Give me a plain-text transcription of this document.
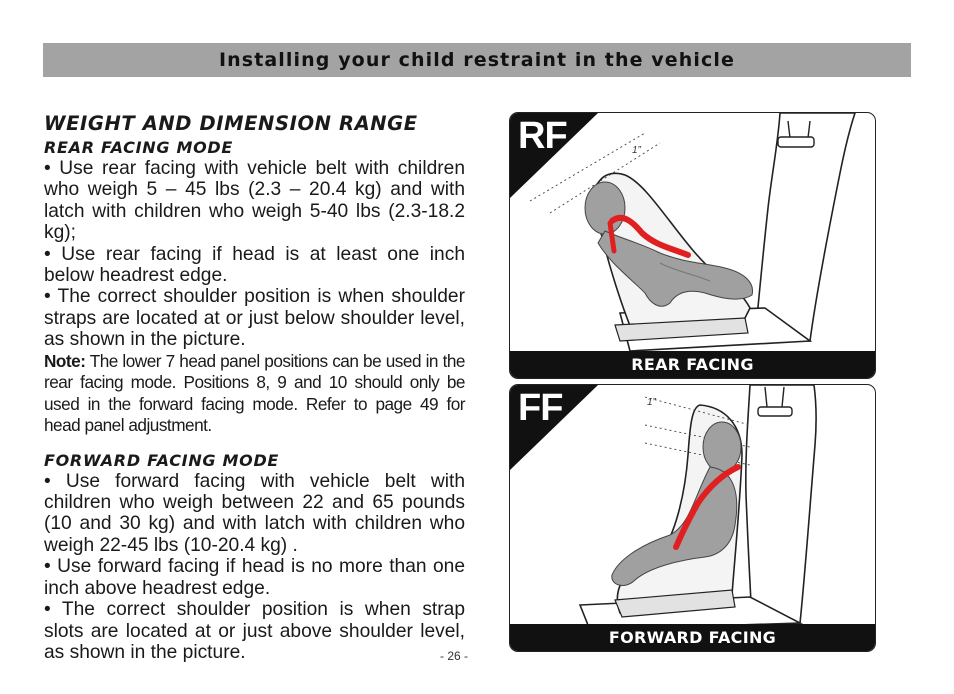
Installing your child restraint in the vehicle
WEIGHT AND DIMENSION RANGE
REAR FACING MODE

• Use rear facing with vehicle belt with children who weigh 5 – 45 lbs (2.3 – 20.4 kg) and with latch with children who weigh 5-40 lbs (2.3-18.2 kg);

• Use rear facing if head is at least one inch below headrest edge.

• The correct shoulder position is when shoulder straps are located at or just below shoulder level, as shown in the picture.

Note: The lower 7 head panel positions can be used in the rear facing mode. Positions 8, 9 and 10 should only be used in the forward facing mode. Refer to page 49 for head panel adjustment.

FORWARD FACING MODE

• Use forward facing with vehicle belt with children who weigh between 22 and 65 pounds (10 and 30 kg) and with latch with children who weigh 22-45 lbs (10-20.4 kg) .

• Use forward facing if head is no more than one inch above headrest edge.

• The correct shoulder position is when strap slots are located at or just above shoulder level, as shown in the picture.	- 26 -
1”
RF
REAR FACING
1”
FF
FORWARD FACING
